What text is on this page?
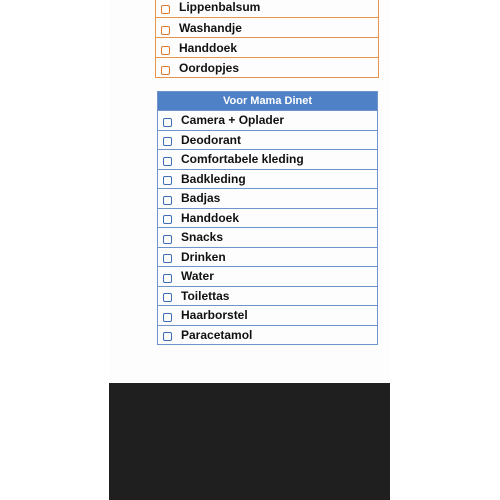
Lippenbalsum
Washandje
Handdoek
Oordopjes
Voor Mama Dinet
Camera + Oplader
Deodorant
Comfortabele kleding
Badkleding
Badjas
Handdoek
Snacks
Drinken
Water
Toilettas
Haarborstel
Paracetamol
